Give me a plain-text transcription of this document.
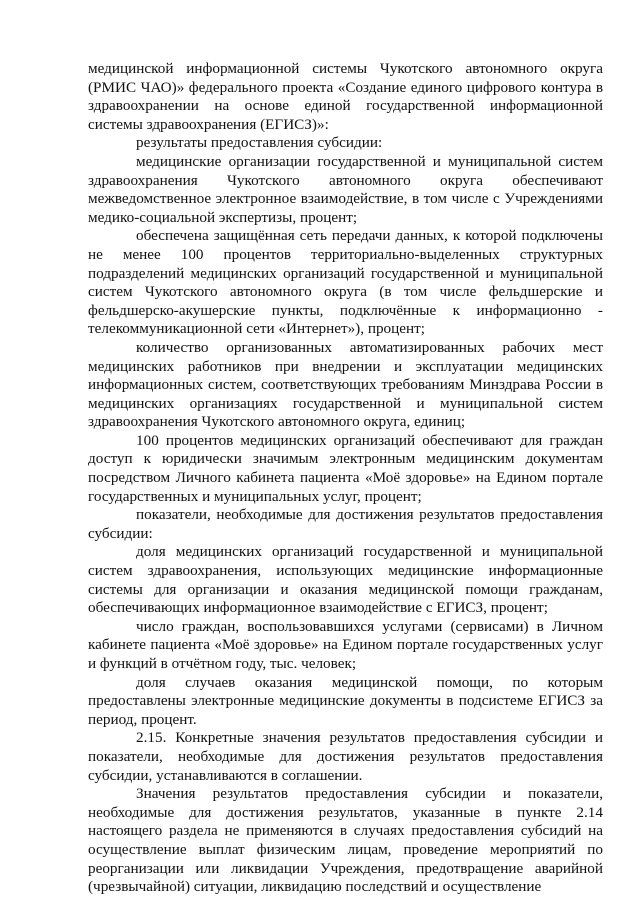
медицинской информационной системы Чукотского автономного округа (РМИС ЧАО)» федерального проекта «Создание единого цифрового контура в здравоохранении на основе единой государственной информационной системы здравоохранения (ЕГИСЗ)»:

результаты предоставления субсидии:

медицинские организации государственной и муниципальной систем здравоохранения Чукотского автономного округа обеспечивают межведомственное электронное взаимодействие, в том числе с Учреждениями медико-социальной экспертизы, процент;

обеспечена защищённая сеть передачи данных, к которой подключены не менее 100 процентов территориально-выделенных структурных подразделений медицинских организаций государственной и муниципальной систем Чукотского автономного округа (в том числе фельдшерские и фельдшерско-акушерские пункты, подключённые к информационно - телекоммуникационной сети «Интернет»), процент;

количество организованных автоматизированных рабочих мест медицинских работников при внедрении и эксплуатации медицинских информационных систем, соответствующих требованиям Минздрава России в медицинских организациях государственной и муниципальной систем здравоохранения Чукотского автономного округа, единиц;

100 процентов медицинских организаций обеспечивают для граждан доступ к юридически значимым электронным медицинским документам посредством Личного кабинета пациента «Моё здоровье» на Едином портале государственных и муниципальных услуг, процент;

показатели, необходимые для достижения результатов предоставления субсидии:

доля медицинских организаций государственной и муниципальной систем здравоохранения, использующих медицинские информационные системы для организации и оказания медицинской помощи гражданам, обеспечивающих информационное взаимодействие с ЕГИСЗ, процент;

число граждан, воспользовавшихся услугами (сервисами) в Личном кабинете пациента «Моё здоровье» на Едином портале государственных услуг и функций в отчётном году, тыс. человек;

доля случаев оказания медицинской помощи, по которым предоставлены электронные медицинские документы в подсистеме ЕГИСЗ за период, процент.

2.15. Конкретные значения результатов предоставления субсидии и показатели, необходимые для достижения результатов предоставления субсидии, устанавливаются в соглашении.

Значения результатов предоставления субсидии и показатели, необходимые для достижения результатов, указанные в пункте 2.14 настоящего раздела не применяются в случаях предоставления субсидий на осуществление выплат физическим лицам, проведение мероприятий по реорганизации или ликвидации Учреждения, предотвращение аварийной (чрезвычайной) ситуации, ликвидацию последствий и осуществление
